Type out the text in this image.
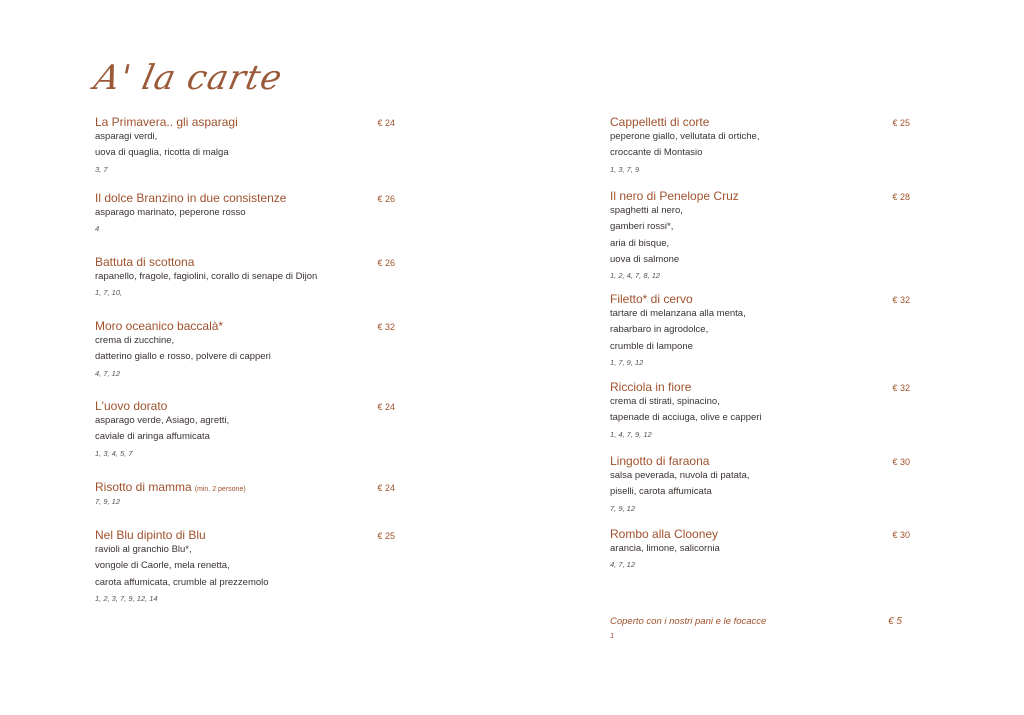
A' la carte
La Primavera.. gli asparagi	€ 24
asparagi verdi,
uova di quaglia, ricotta di malga
3, 7
Il dolce Branzino in due consistenze	€ 26
asparago marinato, peperone rosso
4
Battuta di scottona	€ 26
rapanello, fragole, fagiolini, corallo di senape di Dijon
1, 7, 10,
Moro oceanico baccalà*	€ 32
crema di zucchine,
datterino giallo e rosso, polvere di capperi
4, 7, 12
L'uovo dorato	€ 24
asparago verde, Asiago, agretti,
caviale di aringa affumicata
1, 3, 4, 5, 7
Risotto di mamma (min. 2 persone)	€ 24
7, 9, 12
Nel Blu dipinto di Blu	€ 25
ravioli al granchio Blu*,
vongole di Caorle, mela renetta,
carota affumicata, crumble al prezzemolo
1, 2, 3, 7, 9, 12, 14
Cappelletti di corte	€ 25
peperone giallo, vellutata di ortiche,
croccante di Montasio
1, 3, 7, 9
Il nero di Penelope Cruz	€ 28
spaghetti al nero,
gamberi rossi*,
aria di bisque,
uova di salmone
1, 2, 4, 7, 8, 12
Filetto* di cervo	€ 32
tartare di melanzana alla menta,
rabarbaro in agrodolce,
crumble di lampone
1, 7, 9, 12
Ricciola in fiore	€ 32
crema di stirati, spinacino,
tapenade di acciuga, olive e capperi
1, 4, 7, 9, 12
Lingotto di faraona	€ 30
salsa peverada, nuvola di patata,
piselli, carota affumicata
7, 9, 12
Rombo alla Clooney	€ 30
arancia, limone, salicornia
4, 7, 12
Coperto con i nostri pani e le focacce	€ 5
1
